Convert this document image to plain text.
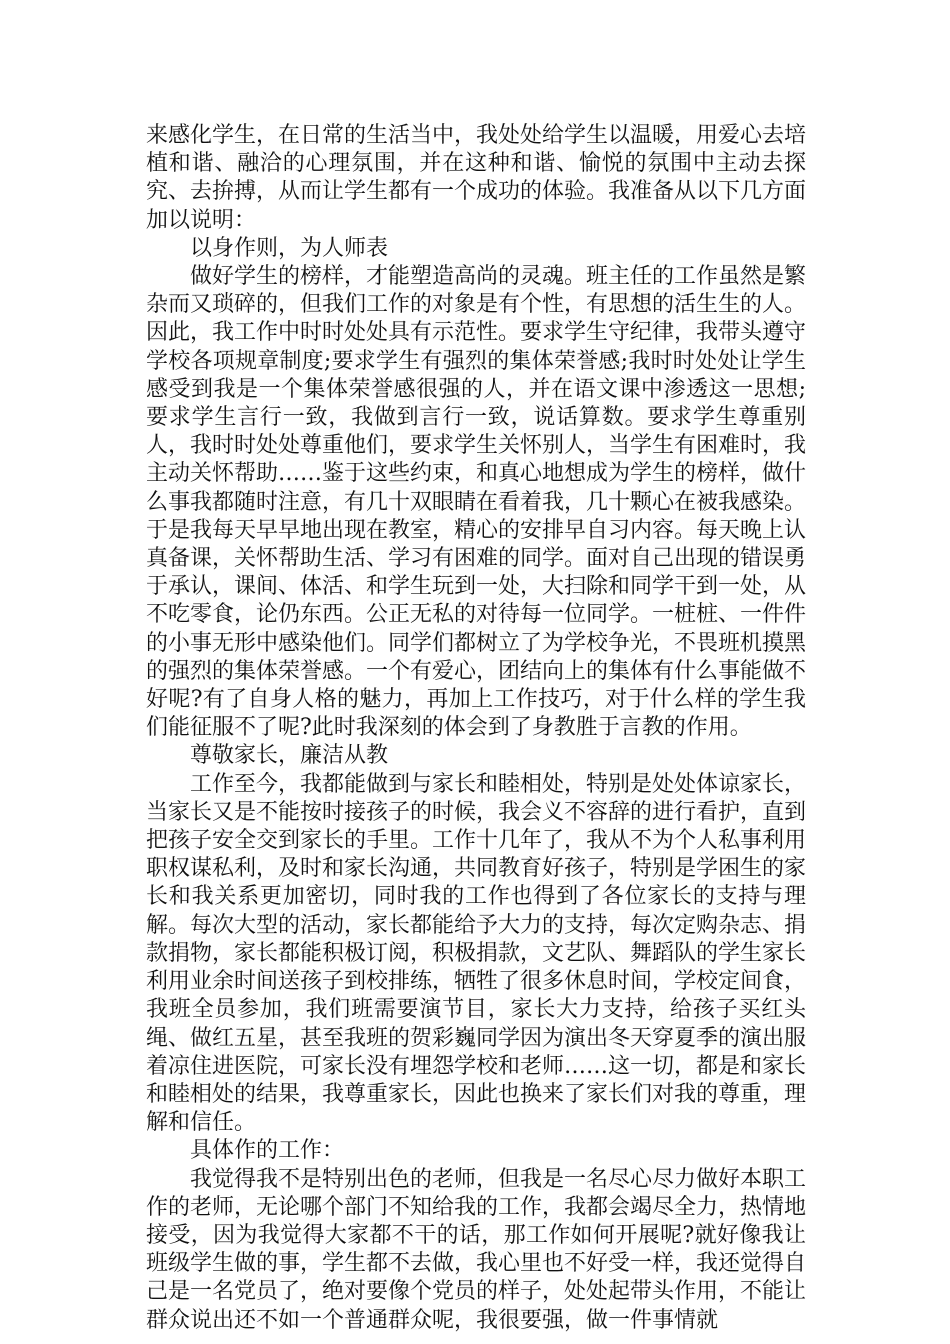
来感化学生，在日常的生活当中，我处处给学生以温暖，用爱心去培植和谐、融洽的心理氛围，并在这种和谐、愉悦的氛围中主动去探究、去拚搏，从而让学生都有一个成功的体验。我准备从以下几方面加以说明：

以身作则，为人师表

做好学生的榜样，才能塑造高尚的灵魂。班主任的工作虽然是繁杂而又琐碎的，但我们工作的对象是有个性，有思想的活生生的人。因此，我工作中时时处处具有示范性。要求学生守纪律，我带头遵守学校各项规章制度;要求学生有强烈的集体荣誉感;我时时处处让学生感受到我是一个集体荣誉感很强的人，并在语文课中渗透这一思想;要求学生言行一致，我做到言行一致，说话算数。要求学生尊重别人，我时时处处尊重他们，要求学生关怀别人，当学生有困难时，我主动关怀帮助……鉴于这些约束，和真心地想成为学生的榜样，做什么事我都随时注意，有几十双眼睛在看着我，几十颗心在被我感染。于是我每天早早地出现在教室，精心的安排早自习内容。每天晚上认真备课，关怀帮助生活、学习有困难的同学。面对自己出现的错误勇于承认，课间、体活、和学生玩到一处，大扫除和同学干到一处，从不吃零食，论仍东西。公正无私的对待每一位同学。一桩桩、一件件的小事无形中感染他们。同学们都树立了为学校争光，不畏班机摸黑的强烈的集体荣誉感。一个有爱心，团结向上的集体有什么事能做不好呢?有了自身人格的魅力，再加上工作技巧，对于什么样的学生我们能征服不了呢?此时我深刻的体会到了身教胜于言教的作用。

尊敬家长，廉洁从教

工作至今，我都能做到与家长和睦相处，特别是处处体谅家长，当家长又是不能按时接孩子的时候，我会义不容辞的进行看护，直到把孩子安全交到家长的手里。工作十几年了，我从不为个人私事利用职权谋私利，及时和家长沟通，共同教育好孩子，特别是学困生的家长和我关系更加密切，同时我的工作也得到了各位家长的支持与理解。每次大型的活动，家长都能给予大力的支持，每次定购杂志、捐款捐物，家长都能积极订阅，积极捐款，文艺队、舞蹈队的学生家长利用业余时间送孩子到校排练，牺牲了很多休息时间，学校定间食，我班全员参加，我们班需要演节目，家长大力支持，给孩子买红头绳、做红五星，甚至我班的贺彩巍同学因为演出冬天穿夏季的演出服着凉住进医院，可家长没有埋怨学校和老师……这一切，都是和家长和睦相处的结果，我尊重家长，因此也换来了家长们对我的尊重，理解和信任。

具体作的工作：

我觉得我不是特别出色的老师，但我是一名尽心尽力做好本职工作的老师，无论哪个部门不知给我的工作，我都会竭尽全力，热情地接受，因为我觉得大家都不干的话，那工作如何开展呢?就好像我让班级学生做的事，学生都不去做，我心里也不好受一样，我还觉得自己是一名党员了，绝对要像个党员的样子，处处起带头作用，不能让群众说出还不如一个普通群众呢，我很要强，做一件事情就
